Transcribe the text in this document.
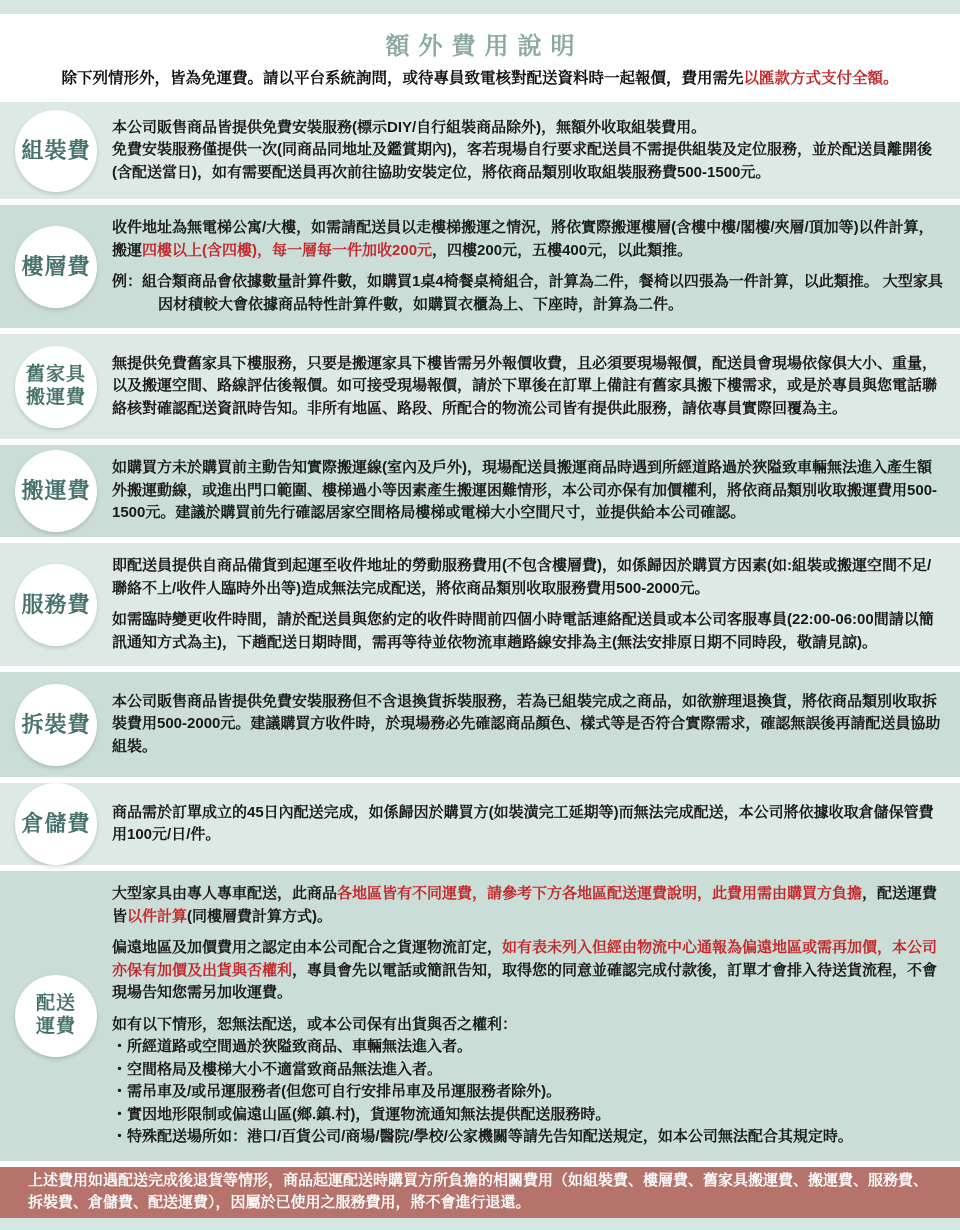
額外費用說明

除下列情形外，皆為免運費。請以平台系統詢問，或待專員致電核對配送資料時一起報價，費用需先以匯款方式支付全額。

組裝費

本公司販售商品皆提供免費安裝服務(標示DIY/自行組裝商品除外)，無額外收取組裝費用。

免費安裝服務僅提供一次(同商品同地址及鑑賞期內)，客若現場自行要求配送員不需提供組裝及定位服務，並於配送員離開後(含配送當日)，如有需要配送員再次前往協助安裝定位，將依商品類別收取組裝服務費500-1500元。

樓層費

收件地址為無電梯公寓/大樓，如需請配送員以走樓梯搬運之情況，將依實際搬運樓層(含樓中樓/閣樓/夾層/頂加等)以件計算，搬運四樓以上(含四樓)，每一層每一件加收200元，四樓200元，五樓400元，以此類推。

例：組合類商品會依據數量計算件數，如購買1桌4椅餐桌椅組合，計算為二件，餐椅以四張為一件計算，以此類推。 大型家具因材積較大會依據商品特性計算件數，如購買衣櫃為上、下座時，計算為二件。

舊家具
搬運費

無提供免費舊家具下樓服務，只要是搬運家具下樓皆需另外報價收費，且必須要現場報價，配送員會現場依傢俱大小、重量，以及搬運空間、路線評估後報價。如可接受現場報價，請於下單後在訂單上備註有舊家具搬下樓需求，或是於專員與您電話聯絡核對確認配送資訊時告知。非所有地區、路段、所配合的物流公司皆有提供此服務，請依專員實際回覆為主。

搬運費

如購買方未於購買前主動告知實際搬運線(室內及戶外)，現場配送員搬運商品時遇到所經道路過於狹隘致車輛無法進入產生額外搬運動線，或進出門口範圍、樓梯過小等因素產生搬運困難情形，本公司亦保有加價權利，將依商品類別收取搬運費用500-1500元。建議於購買前先行確認居家空間格局樓梯或電梯大小空間尺寸，並提供給本公司確認。

服務費

即配送員提供自商品備貨到起運至收件地址的勞動服務費用(不包含樓層費)，如係歸因於購買方因素(如:組裝或搬運空間不足/聯絡不上/收件人臨時外出等)造成無法完成配送，將依商品類別收取服務費用500-2000元。

如需臨時變更收件時間，請於配送員與您約定的收件時間前四個小時電話連絡配送員或本公司客服專員(22:00-06:00間請以簡訊通知方式為主)，下趟配送日期時間，需再等待並依物流車趟路線安排為主(無法安排原日期不同時段，敬請見諒)。

拆裝費

本公司販售商品皆提供免費安裝服務但不含退換貨拆裝服務，若為已組裝完成之商品，如欲辦理退換貨，將依商品類別收取拆裝費用500-2000元。建議購買方收件時，於現場務必先確認商品顏色、樣式等是否符合實際需求，確認無誤後再請配送員協助組裝。

倉儲費 商品需於訂單成立的45日內配送完成，如係歸因於購買方(如裝潢完工延期等)而無法完成配送，本公司將依據收取倉儲保管費用100元/日/件。

配送
運費

大型家具由專人專車配送，此商品各地區皆有不同運費，請參考下方各地區配送運費說明，此費用需由購買方負擔，配送運費皆以件計算(同樓層費計算方式)。

偏遠地區及加價費用之認定由本公司配合之貨運物流訂定，如有表未列入但經由物流中心通報為偏遠地區或需再加價，本公司亦保有加價及出貨與否權利，專員會先以電話或簡訊告知，取得您的同意並確認完成付款後，訂單才會排入待送貨流程，不會現場告知您需另加收運費。

如有以下情形，恕無法配送，或本公司保有出貨與否之權利：

・所經道路或空間過於狹隘致商品、車輛無法進入者。

・空間格局及樓梯大小不適當致商品無法進入者。

・需吊車及/或吊運服務者(但您可自行安排吊車及吊運服務者除外)。

・實因地形限制或偏遠山區(鄉.鎮.村)，貨運物流通知無法提供配送服務時。

・特殊配送場所如：港口/百貨公司/商場/醫院/學校/公家機關等請先告知配送規定，如本公司無法配合其規定時。

上述費用如遇配送完成後退貨等情形，商品起運配送時購買方所負擔的相關費用（如組裝費、樓層費、舊家具搬運費、搬運費、服務費、拆裝費、倉儲費、配送運費），因屬於已使用之服務費用，將不會進行退還。
